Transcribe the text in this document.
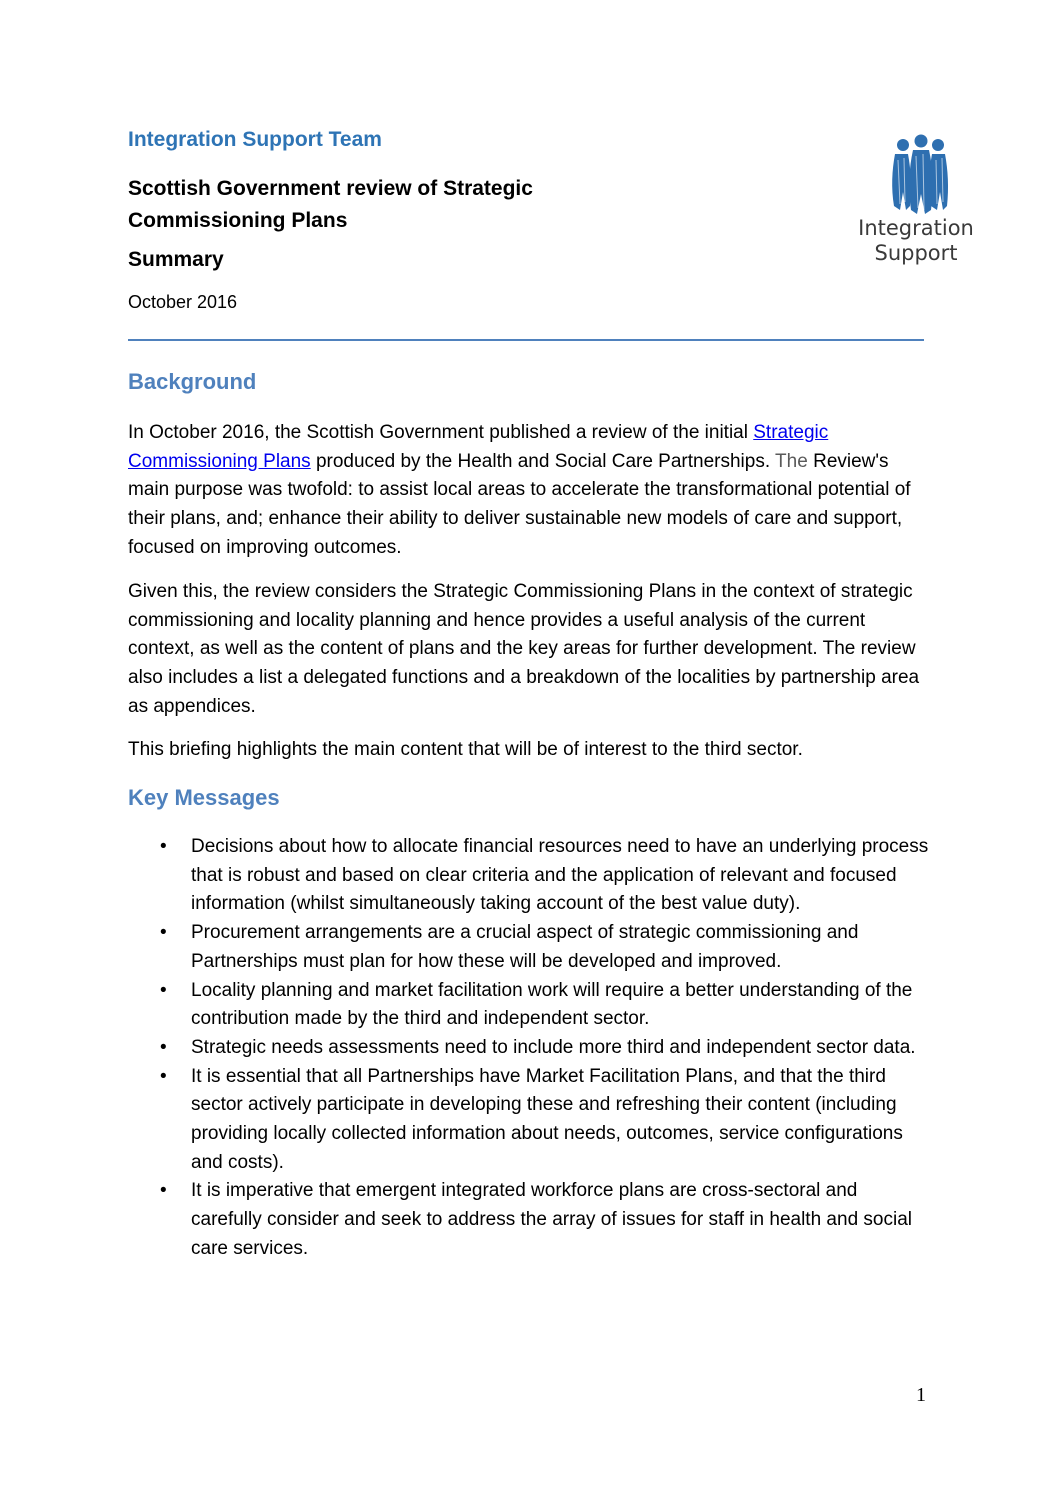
Integration Support Team
Scottish Government review of Strategic
Commissioning Plans
Summary

October 2016

Integration
Support
Background

In October 2016, the Scottish Government published a review of the initial Strategic Commissioning Plans produced by the Health and Social Care Partnerships. The Review's main purpose was twofold: to assist local areas to accelerate the transformational potential of their plans, and; enhance their ability to deliver sustainable new models of care and support, focused on improving outcomes.

Given this, the review considers the Strategic Commissioning Plans in the context of strategic commissioning and locality planning and hence provides a useful analysis of the current context, as well as the content of plans and the key areas for further development. The review also includes a list a delegated functions and a breakdown of the localities by partnership area as appendices.

This briefing highlights the main content that will be of interest to the third sector.

Key Messages
• Decisions about how to allocate financial resources need to have an underlying process that is robust and based on clear criteria and the application of relevant and focused information (whilst simultaneously taking account of the best value duty).
• Procurement arrangements are a crucial aspect of strategic commissioning and Partnerships must plan for how these will be developed and improved.
• Locality planning and market facilitation work will require a better understanding of the contribution made by the third and independent sector.
• Strategic needs assessments need to include more third and independent sector data.
• It is essential that all Partnerships have Market Facilitation Plans, and that the third sector actively participate in developing these and refreshing their content (including providing locally collected information about needs, outcomes, service configurations and costs).
• It is imperative that emergent integrated workforce plans are cross-sectoral and carefully consider and seek to address the array of issues for staff in health and social care services.
1
